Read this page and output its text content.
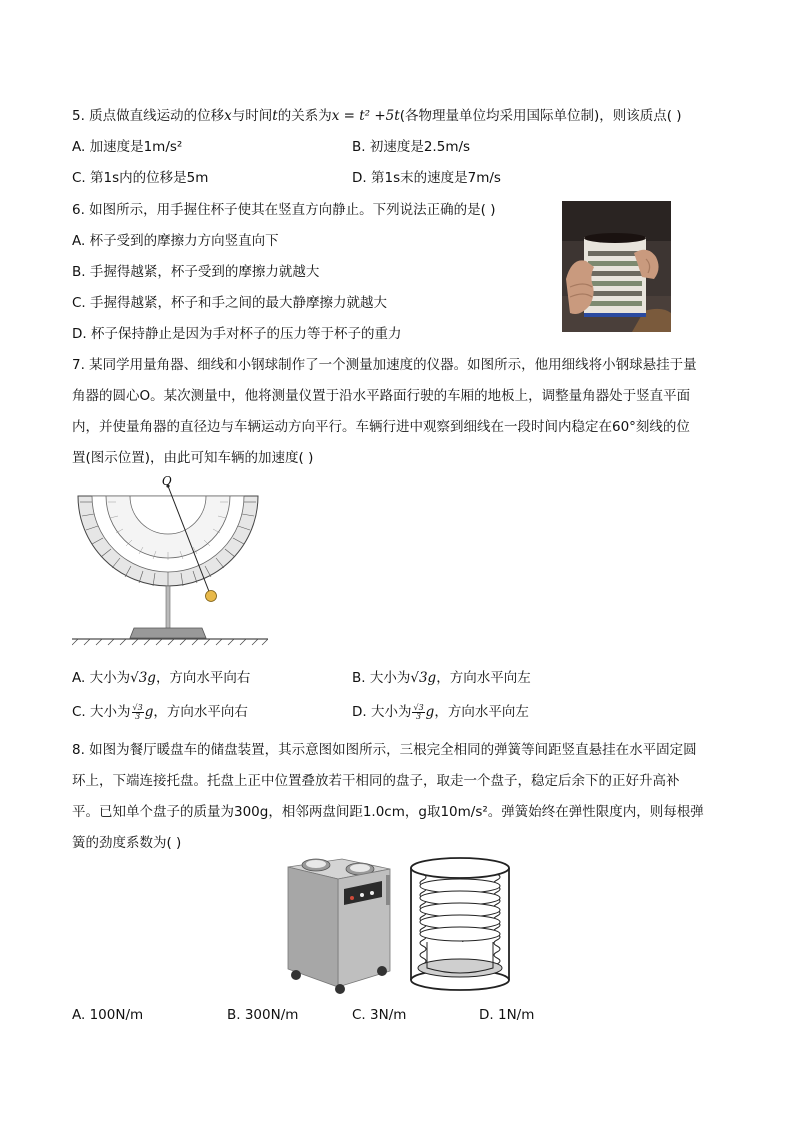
5. 质点做直线运动的位移x与时间t的关系为x = t² +5t(各物理量单位均采用国际单位制)，则该质点( )
A. 加速度是1m/s²	B. 初速度是2.5m/s
C. 第1s内的位移是5m	D. 第1s末的速度是7m/s
6. 如图所示，用手握住杯子使其在竖直方向静止。下列说法正确的是( )
A. 杯子受到的摩擦力方向竖直向下
B. 手握得越紧，杯子受到的摩擦力就越大
C. 手握得越紧，杯子和手之间的最大静摩擦力就越大
D. 杯子保持静止是因为手对杯子的压力等于杯子的重力
7. 某同学用量角器、细线和小钢球制作了一个测量加速度的仪器。如图所示，他用细线将小钢球悬挂于量
角器的圆心O。某次测量中，他将测量仪置于沿水平路面行驶的车厢的地板上，调整量角器处于竖直平面
内，并使量角器的直径边与车辆运动方向平行。车辆行进中观察到细线在一段时间内稳定在60°刻线的位
置(图示位置)，由此可知车辆的加速度( )
O
A. 大小为√3g，方向水平向右	B. 大小为√3g，方向水平向左
C. 大小为 $\frac{√3}{3}$ g，方向水平向右	D. 大小为 $\frac{√3}{3}$ g，方向水平向左
8. 如图为餐厅暖盘车的储盘装置，其示意图如图所示，三根完全相同的弹簧等间距竖直悬挂在水平固定圆
环上，下端连接托盘。托盘上正中位置叠放若干相同的盘子，取走一个盘子，稳定后余下的正好升高补
平。已知单个盘子的质量为300g，相邻两盘间距1.0cm，g取10m/s²。弹簧始终在弹性限度内，则每根弹
簧的劲度系数为( )
A. 100N/m	B. 300N/m	C. 3N/m	D. 1N/m
